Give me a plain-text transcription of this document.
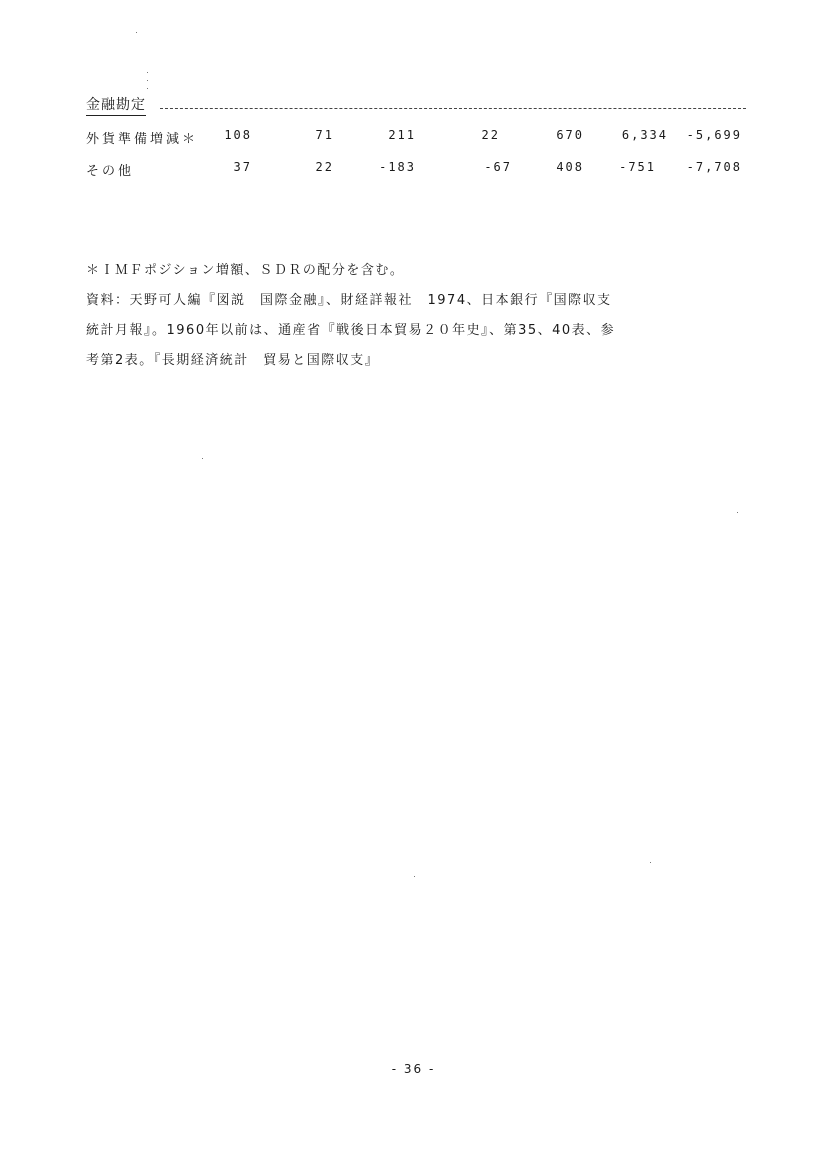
金融勘定
外貨準備増減＊	108	71	211	22	670	6,334	-5,699
その他	37	22	-183	-67	408	-751	-7,708
＊ＩＭＦポジション増額、ＳＤＲの配分を含む。
資料：天野可人編『図説　国際金融』、財経詳報社　1974、日本銀行『国際収支
統計月報』。1960年以前は、通産省『戦後日本貿易２０年史』、第35、40表、参
考第2表。『長期経済統計　貿易と国際収支』
- 36 -
